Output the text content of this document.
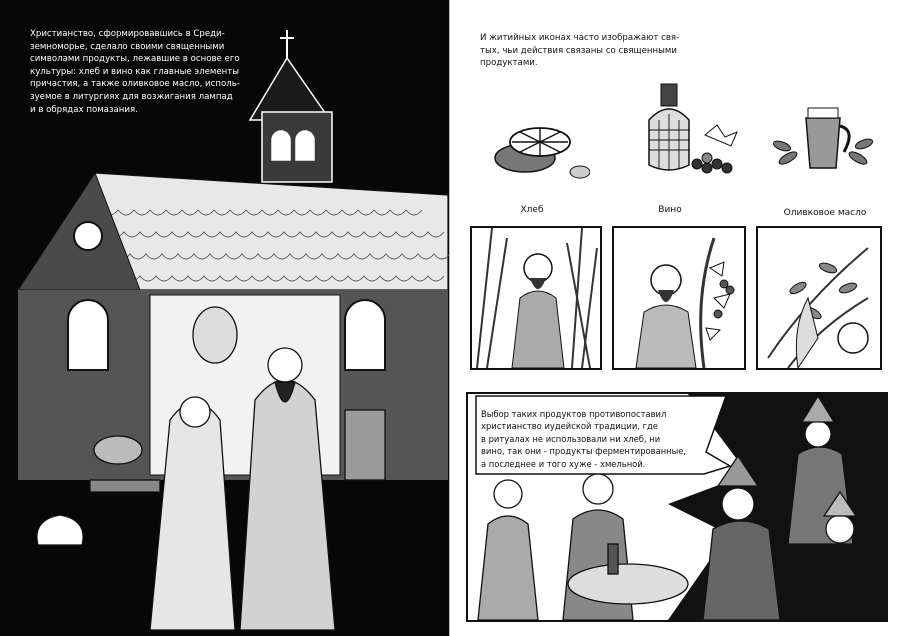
Христианство, сформировавшись в Среди-
земноморье, сделало своими священными
символами продукты, лежавшие в основе его
культуры: хлеб и вино как главные элементы
причастия, а также оливковое масло, исполь-
зуемое в литургиях для возжигания лампад
и в обрядах помазания.
И житийных иконах часто изображают свя-
тых, чьи действия связаны со священными
продуктами.
Хлеб	Вино	Оливковое масло
Выбор таких продуктов противопоставил
христианство иудейской традиции, где
в ритуалах не использовали ни хлеб, ни
вино, так они - продукты ферментированные,
а последнее и того хуже - хмельной.
